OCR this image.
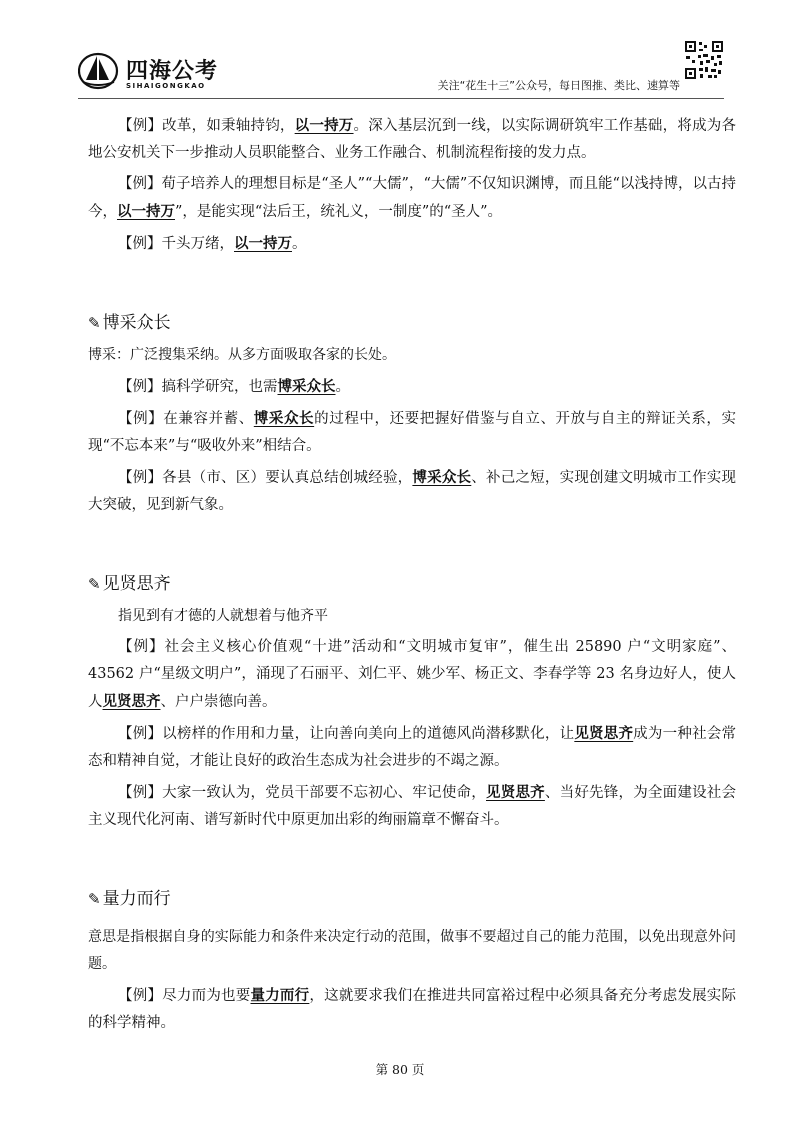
四海公考
SIHAIGONGKAO	关注“花生十三”公众号，每日图推、类比、速算等

【例】改革，如秉轴持钧，以一持万。深入基层沉到一线，以实际调研筑牢工作基础，将成为各地公安机关下一步推动人员职能整合、业务工作融合、机制流程衔接的发力点。

【例】荀子培养人的理想目标是“圣人”“大儒”，“大儒”不仅知识渊博，而且能“以浅持博，以古持今，以一持万”，是能实现“法后王，统礼义，一制度”的“圣人”。

【例】千头万绪，以一持万。

✎ 博采众长

博采：广泛搜集采纳。从多方面吸取各家的长处。

【例】搞科学研究，也需博采众长。

【例】在兼容并蓄、博采众长的过程中，还要把握好借鉴与自立、开放与自主的辩证关系，实现“不忘本来”与“吸收外来”相结合。

【例】各县（市、区）要认真总结创城经验，博采众长、补己之短，实现创建文明城市工作实现大突破，见到新气象。

✎ 见贤思齐

指见到有才德的人就想着与他齐平

【例】社会主义核心价值观“十进”活动和“文明城市复审”，催生出 25890 户“文明家庭”、43562 户“星级文明户”，涌现了石丽平、刘仁平、姚少军、杨正文、李春学等 23 名身边好人，使人人见贤思齐、户户崇德向善。

【例】以榜样的作用和力量，让向善向美向上的道德风尚潜移默化，让见贤思齐成为一种社会常态和精神自觉，才能让良好的政治生态成为社会进步的不竭之源。

【例】大家一致认为，党员干部要不忘初心、牢记使命，见贤思齐、当好先锋，为全面建设社会主义现代化河南、谱写新时代中原更加出彩的绚丽篇章不懈奋斗。

✎ 量力而行

意思是指根据自身的实际能力和条件来决定行动的范围，做事不要超过自己的能力范围，以免出现意外问题。

【例】尽力而为也要量力而行，这就要求我们在推进共同富裕过程中必须具备充分考虑发展实际的科学精神。

第 80 页
